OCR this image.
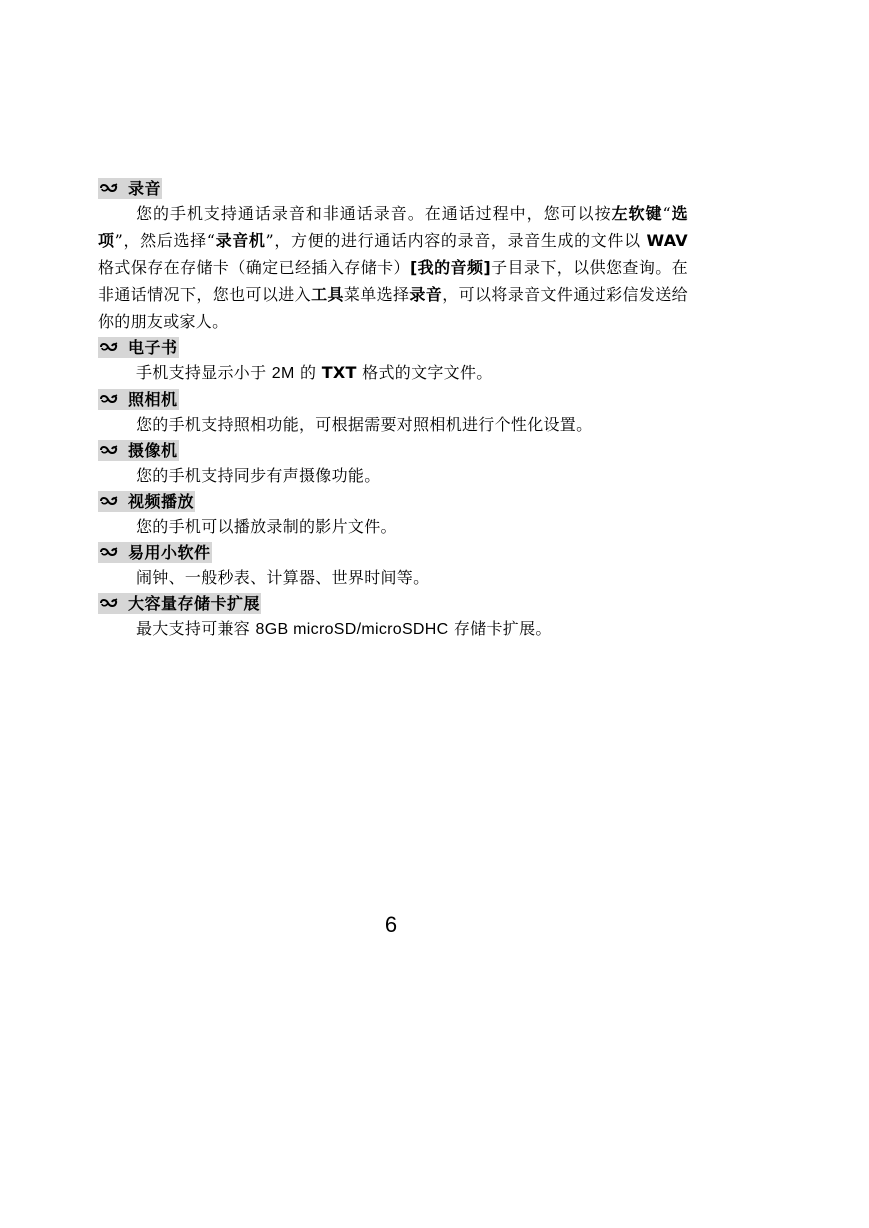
录音

您的手机支持通话录音和非通话录音。在通话过程中，您可以按左软键“选项”，然后选择“录音机”，方便的进行通话内容的录音，录音生成的文件以 WAV 格式保存在存储卡（确定已经插入存储卡）[我的音频]子目录下，以供您查询。在非通话情况下，您也可以进入工具菜单选择录音，可以将录音文件通过彩信发送给你的朋友或家人。

电子书

手机支持显示小于 2M 的 TXT 格式的文字文件。

照相机

您的手机支持照相功能，可根据需要对照相机进行个性化设置。

摄像机

您的手机支持同步有声摄像功能。

视频播放

您的手机可以播放录制的影片文件。

易用小软件

闹钟、一般秒表、计算器、世界时间等。

大容量存储卡扩展

最大支持可兼容 8GB microSD/microSDHC 存储卡扩展。

6
